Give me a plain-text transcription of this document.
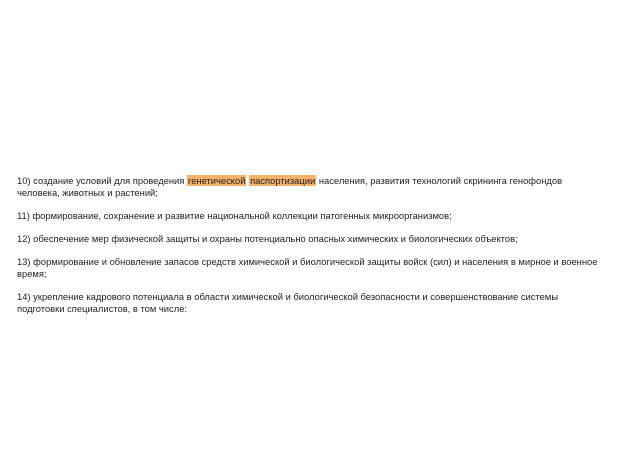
10) создание условий для проведения генетической паспортизации населения, развития технологий скрининга генофондов человека, животных и растений;

11) формирование, сохранение и развитие национальной коллекции патогенных микроорганизмов;

12) обеспечение мер физической защиты и охраны потенциально опасных химических и биологических объектов;

13) формирование и обновление запасов средств химической и биологической защиты войск (сил) и населения в мирное и военное время;

14) укрепление кадрового потенциала в области химической и биологической безопасности и совершенствование системы подготовки специалистов, в том числе:
